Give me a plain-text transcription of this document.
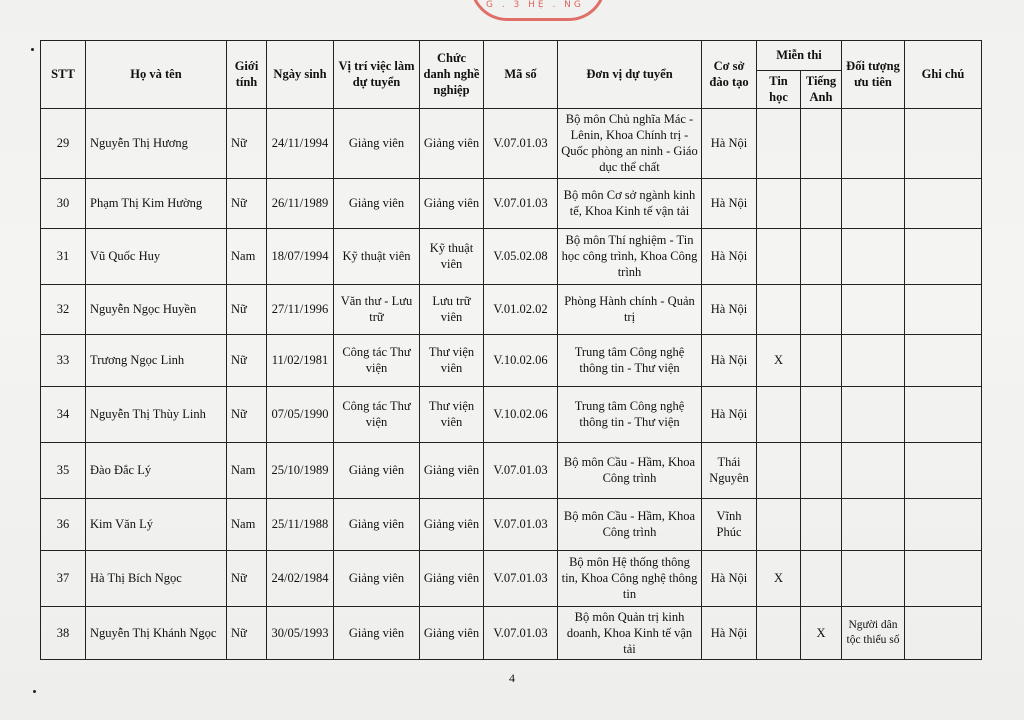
G . 3 HẸ . NG
STT	Họ và tên	Giới tính	Ngày sinh	Vị trí việc làm dự tuyển	Chức danh nghề nghiệp	Mã số	Đơn vị dự tuyển	Cơ sở đào tạo	Miễn thi		Đối tượng ưu tiên	Ghi chú
									Tin học	Tiếng Anh		
29	Nguyễn Thị Hương	Nữ	24/11/1994	Giảng viên	Giảng viên	V.07.01.03	Bộ môn Chủ nghĩa Mác - Lênin, Khoa Chính trị - Quốc phòng an ninh - Giáo dục thể chất	Hà Nội				
30	Phạm Thị Kim Hường	Nữ	26/11/1989	Giảng viên	Giảng viên	V.07.01.03	Bộ môn Cơ sở ngành kinh tế, Khoa Kinh tế vận tải	Hà Nội				
31	Vũ Quốc Huy	Nam	18/07/1994	Kỹ thuật viên	Kỹ thuật viên	V.05.02.08	Bộ môn Thí nghiệm - Tin học công trình, Khoa Công trình	Hà Nội				
32	Nguyễn Ngọc Huyền	Nữ	27/11/1996	Văn thư - Lưu trữ	Lưu trữ viên	V.01.02.02	Phòng Hành chính - Quản trị	Hà Nội				
33	Trương Ngọc Linh	Nữ	11/02/1981	Công tác Thư viện	Thư viện viên	V.10.02.06	Trung tâm Công nghệ thông tin - Thư viện	Hà Nội	X			
34	Nguyễn Thị Thùy Linh	Nữ	07/05/1990	Công tác Thư viện	Thư viện viên	V.10.02.06	Trung tâm Công nghệ thông tin - Thư viện	Hà Nội				
35	Đào Đắc Lý	Nam	25/10/1989	Giảng viên	Giảng viên	V.07.01.03	Bộ môn Cầu - Hầm, Khoa Công trình	Thái Nguyên				
36	Kim Văn Lý	Nam	25/11/1988	Giảng viên	Giảng viên	V.07.01.03	Bộ môn Cầu - Hầm, Khoa Công trình	Vĩnh Phúc				
37	Hà Thị Bích Ngọc	Nữ	24/02/1984	Giảng viên	Giảng viên	V.07.01.03	Bộ môn Hệ thống thông tin, Khoa Công nghệ thông tin	Hà Nội	X			
38	Nguyễn Thị Khánh Ngọc	Nữ	30/05/1993	Giảng viên	Giảng viên	V.07.01.03	Bộ môn Quản trị kinh doanh, Khoa Kinh tế vận tải	Hà Nội		X	Người dân tộc thiểu số	
4
